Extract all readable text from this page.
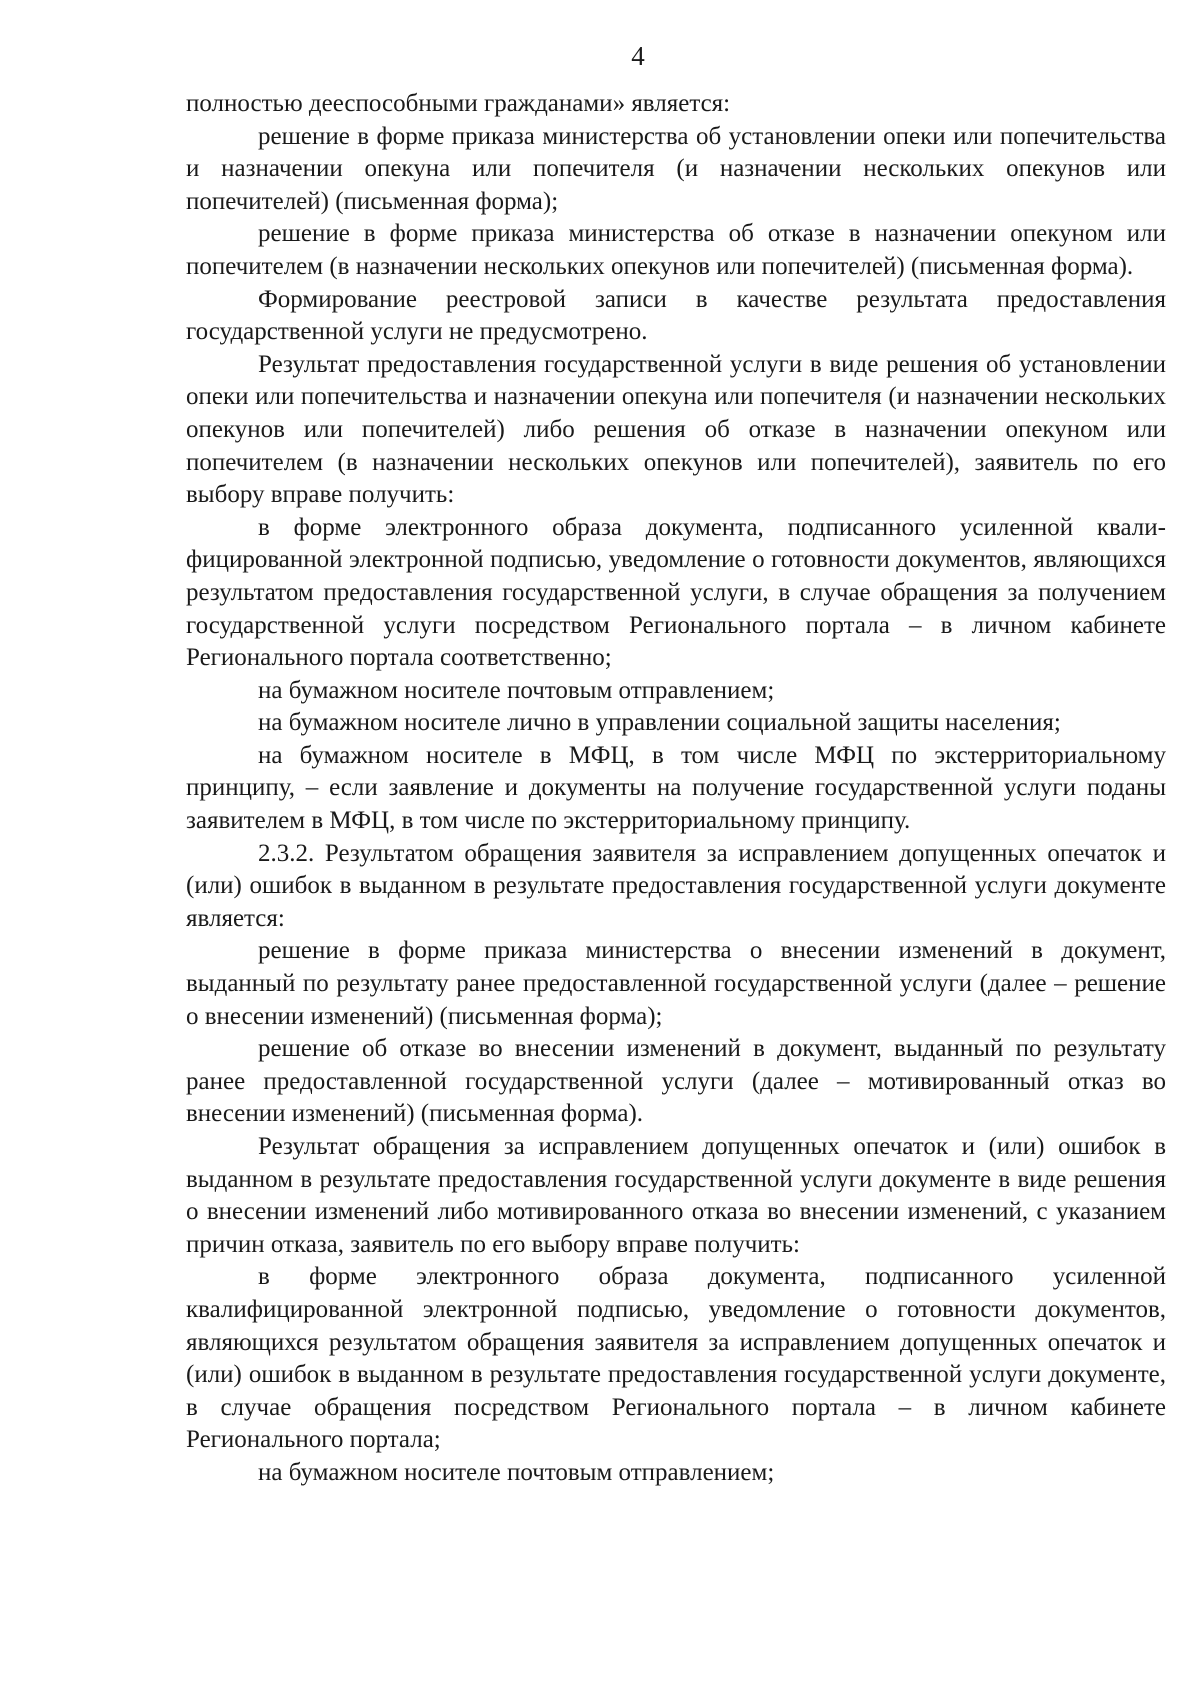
4

полностью дееспособными гражданами» является:

решение в форме приказа министерства об установлении опеки или попечительства и назначении опекуна или попечителя (и назначении нескольких опекунов или попечителей) (письменная форма);

решение в форме приказа министерства об отказе в назначении опекуном или попечителем (в назначении нескольких опекунов или попечителей) (письменная форма).

Формирование реестровой записи в качестве результата предоставления государственной услуги не предусмотрено.

Результат предоставления государственной услуги в виде решения об установлении опеки или попечительства и назначении опекуна или попечителя (и назначении нескольких опекунов или попечителей) либо решения об отказе в назначении опекуном или попечителем (в назначении нескольких опекунов или попечителей), заявитель по его выбору вправе получить:

в форме электронного образа документа, подписанного усиленной квалифицированной электронной подписью, уведомление о готовности документов, являющихся результатом предоставления государственной услуги, в случае обращения за получением государственной услуги посредством Регионального портала – в личном кабинете Регионального портала соответственно;

на бумажном носителе почтовым отправлением;

на бумажном носителе лично в управлении социальной защиты населения;

на бумажном носителе в МФЦ, в том числе МФЦ по экстерриториальному принципу, – если заявление и документы на получение государственной услуги поданы заявителем в МФЦ, в том числе по экстерриториальному принципу.

2.3.2. Результатом обращения заявителя за исправлением допущенных опечаток и (или) ошибок в выданном в результате предоставления государственной услуги документе является:

решение в форме приказа министерства о внесении изменений в документ, выданный по результату ранее предоставленной государственной услуги (далее – решение о внесении изменений) (письменная форма);

решение об отказе во внесении изменений в документ, выданный по результату ранее предоставленной государственной услуги (далее – мотивированный отказ во внесении изменений) (письменная форма).

Результат обращения за исправлением допущенных опечаток и (или) ошибок в выданном в результате предоставления государственной услуги документе в виде решения о внесении изменений либо мотивированного отказа во внесении изменений, с указанием причин отказа, заявитель по его выбору вправе получить:

в форме электронного образа документа, подписанного усиленной квалифицированной электронной подписью, уведомление о готовности документов, являющихся результатом обращения заявителя за исправлением допущенных опечаток и (или) ошибок в выданном в результате предоставления государственной услуги документе, в случае обращения посредством Регионального портала – в личном кабинете Регионального портала;

на бумажном носителе почтовым отправлением;
